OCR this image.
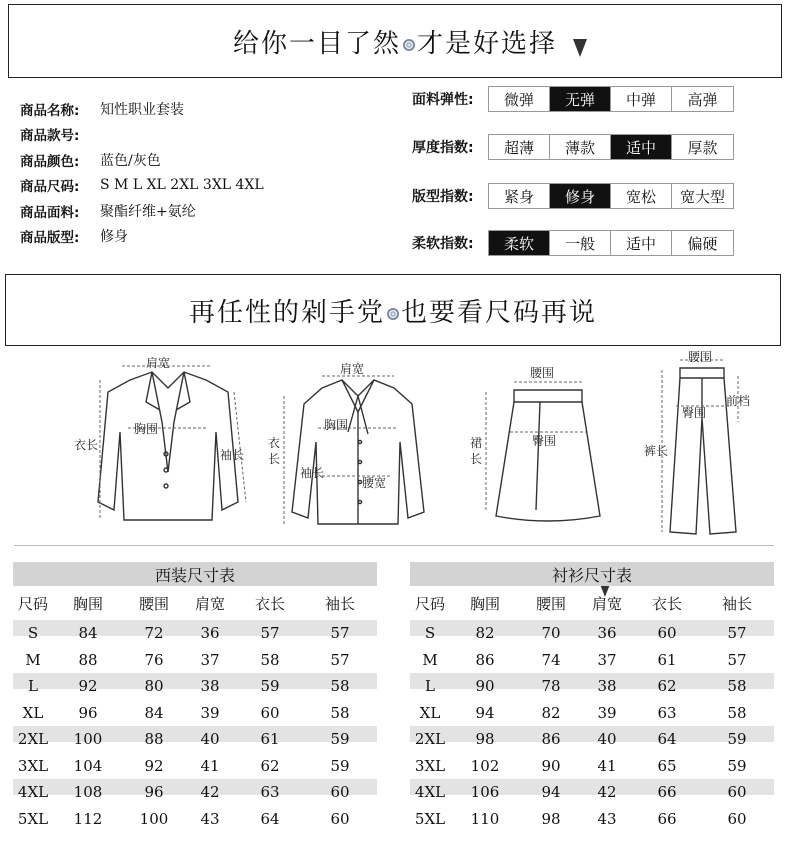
给你一目了然 才是好选择
商品名称:	知性职业套装
商品款号:
商品颜色:	蓝色/灰色
商品尺码:	S M L XL 2XL 3XL 4XL
商品面料:	聚酯纤维+氨纶
商品版型:	修身
面料弹性:	微弹	无弹	中弹	高弹
厚度指数:	超薄	薄款	适中	厚款
版型指数:	紧身	修身	宽松	宽大型
柔软指数:	柔软	一般	适中	偏硬
再任性的剁手党 也要看尺码再说
肩宽
胸围
衣长
袖长
肩宽
胸围
衣
长
袖长
腰宽
腰围
臀围
裙
长
腰围
臀围
前档
裤长
西装尺寸表
尺码	胸围	腰围	肩宽	衣长	袖长
S	84	72	36	57	57
M	88	76	37	58	57
L	92	80	38	59	58
XL	96	84	39	60	58
2XL	100	88	40	61	59
3XL	104	92	41	62	59
4XL	108	96	42	63	60
5XL	112	100	43	64	60
衬衫尺寸表
尺码	胸围	腰围	肩宽	衣长	袖长
S	82	70	36	60	57
M	86	74	37	61	57
L	90	78	38	62	58
XL	94	82	39	63	58
2XL	98	86	40	64	59
3XL	102	90	41	65	59
4XL	106	94	42	66	60
5XL	110	98	43	66	60
